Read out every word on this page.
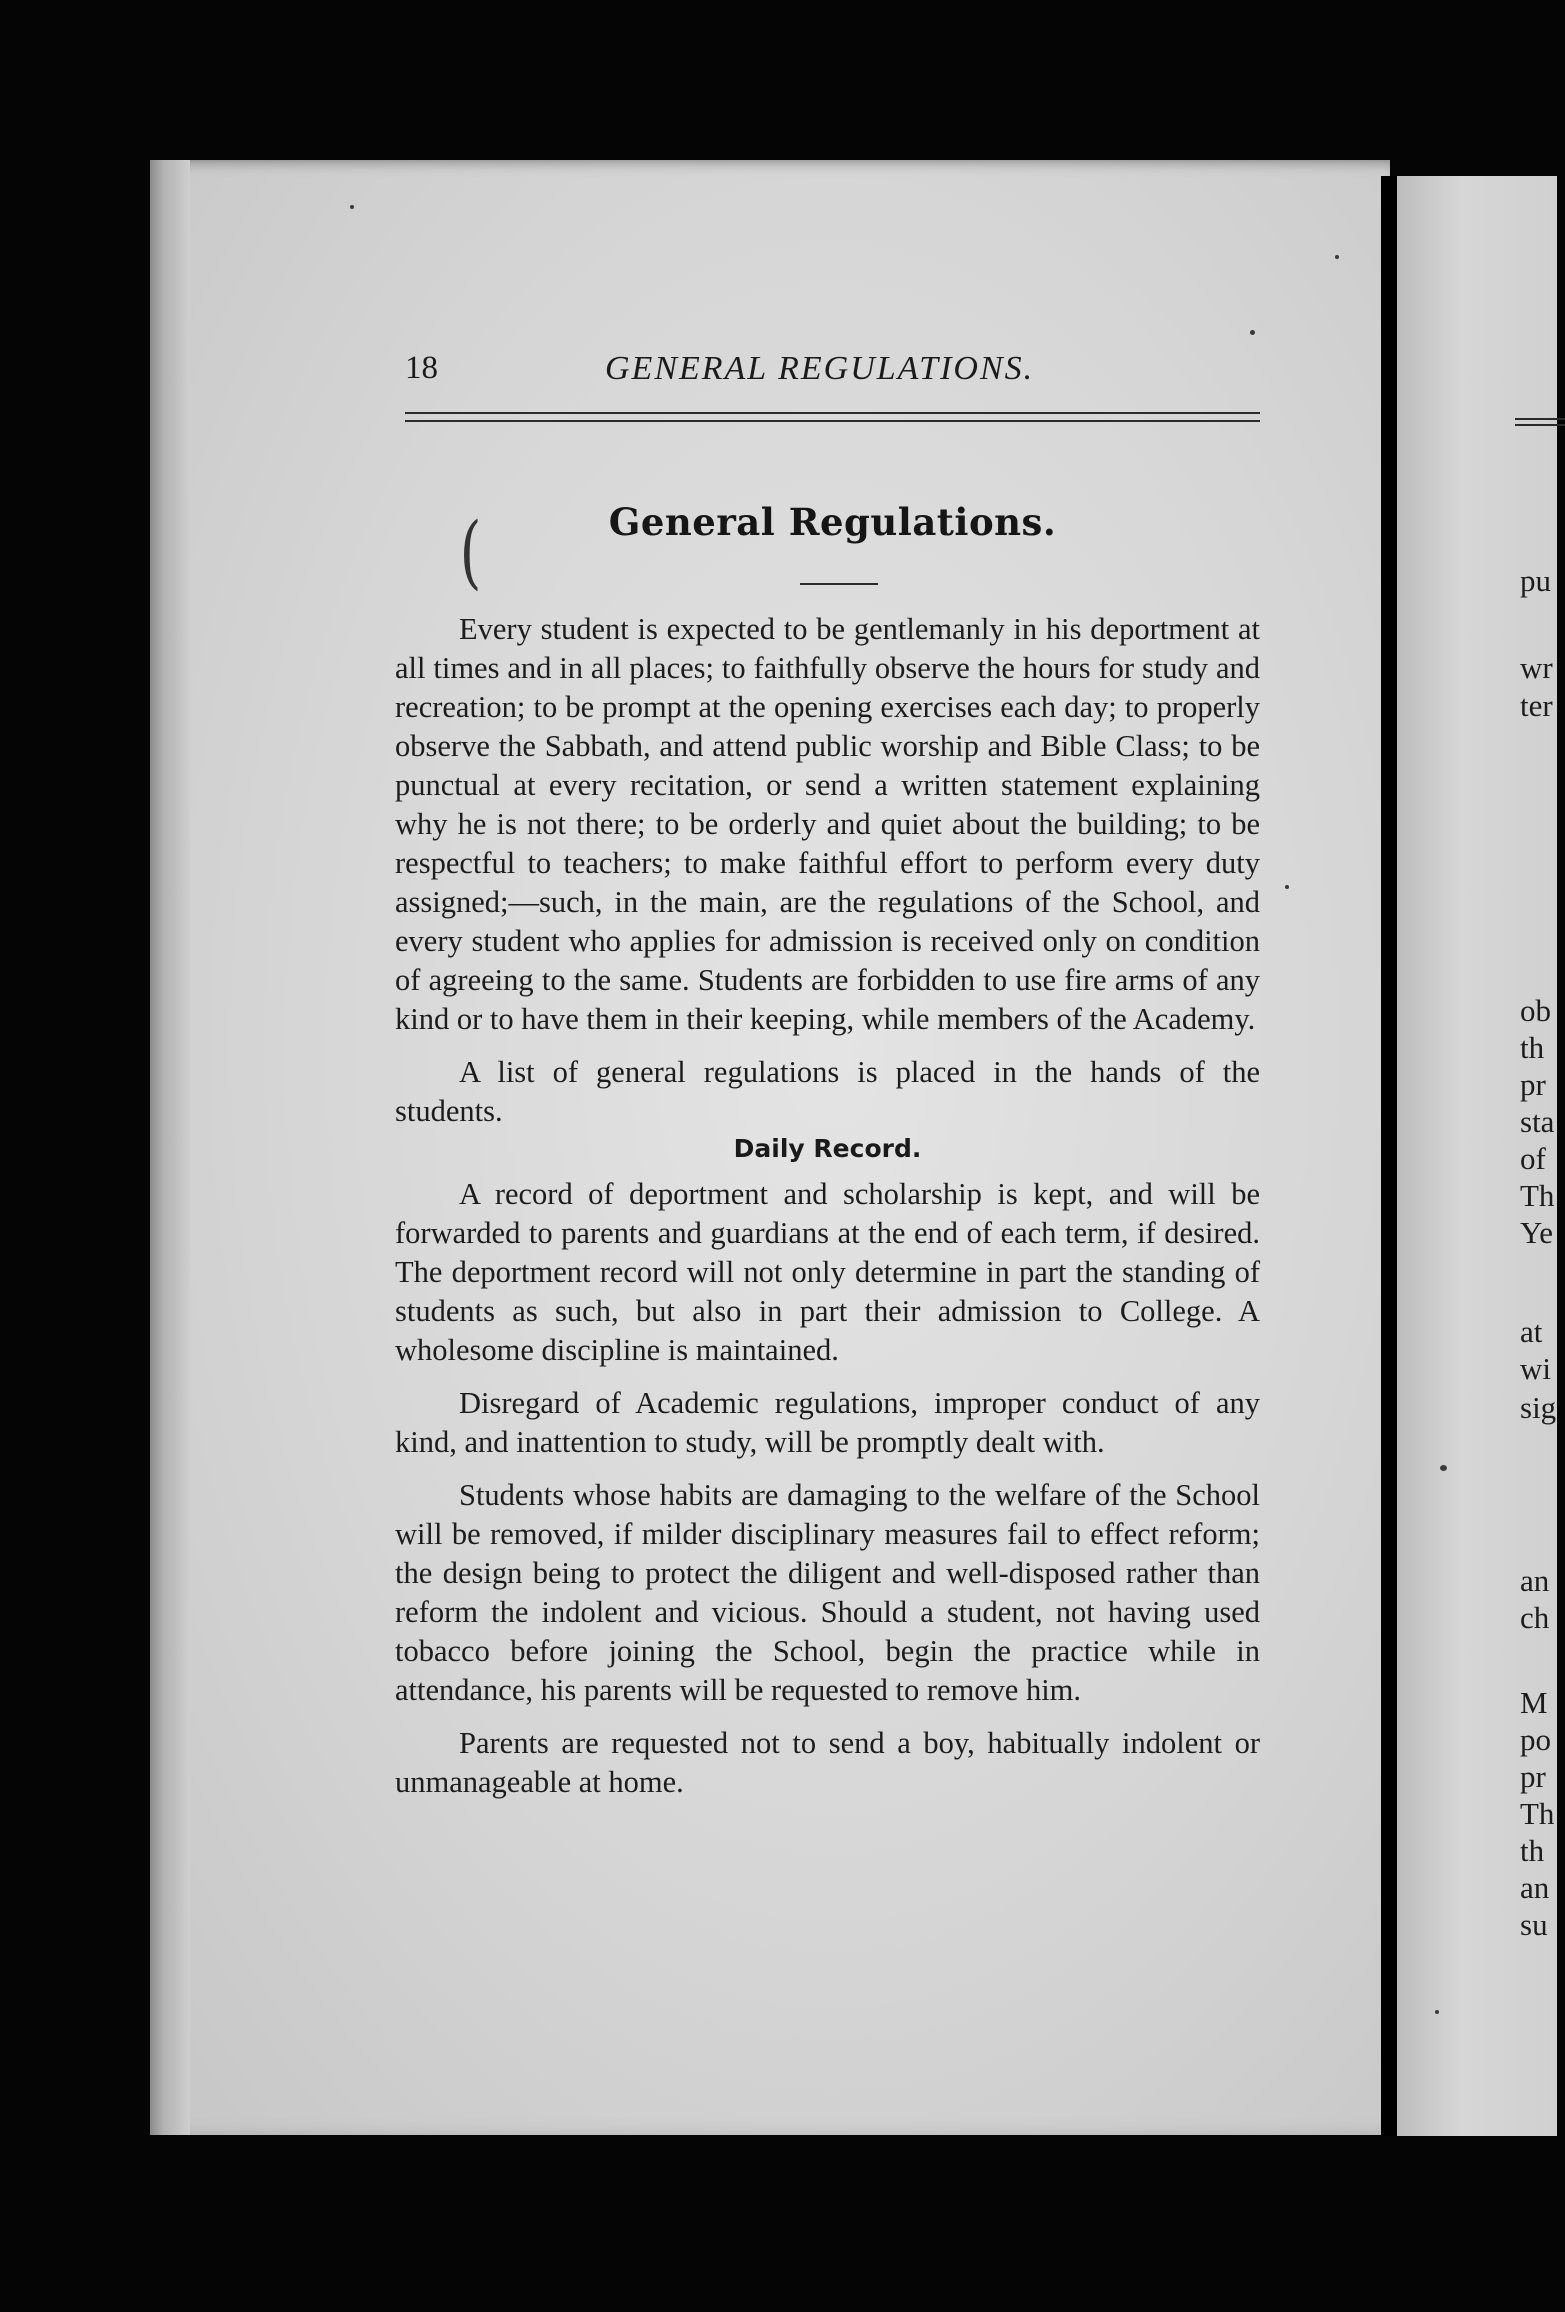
pu
wr
ter
ob
th
pr
sta
of
Th
Ye
at
wi
sig
an
ch
M
po
pr
Th
th
an
su
18	GENERAL REGULATIONS.
(	General Regulations.

Every student is expected to be gentlemanly in his deportment at all times and in all places; to faithfully observe the hours for study and recreation; to be prompt at the opening exercises each day; to properly observe the Sabbath, and attend public worship and Bible Class; to be punctual at every recitation, or send a written statement explaining why he is not there; to be orderly and quiet about the building; to be respectful to teachers; to make faithful effort to perform every duty assigned;—such, in the main, are the regulations of the School, and every student who applies for admission is received only on condition of agreeing to the same. Students are forbidden to use fire arms of any kind or to have them in their keeping, while members of the Academy.

A list of general regulations is placed in the hands of the students.

Daily Record.

A record of deportment and scholarship is kept, and will be forwarded to parents and guardians at the end of each term, if desired. The deportment record will not only determine in part the standing of students as such, but also in part their admission to College. A wholesome discipline is maintained.

Disregard of Academic regulations, improper conduct of any kind, and inattention to study, will be promptly dealt with.

Students whose habits are damaging to the welfare of the School will be removed, if milder disciplinary measures fail to effect reform; the design being to protect the diligent and well-disposed rather than reform the indolent and vicious. Should a student, not having used tobacco before joining the School, begin the practice while in attendance, his parents will be requested to remove him.

Parents are requested not to send a boy, habitually indolent or unmanageable at home.
